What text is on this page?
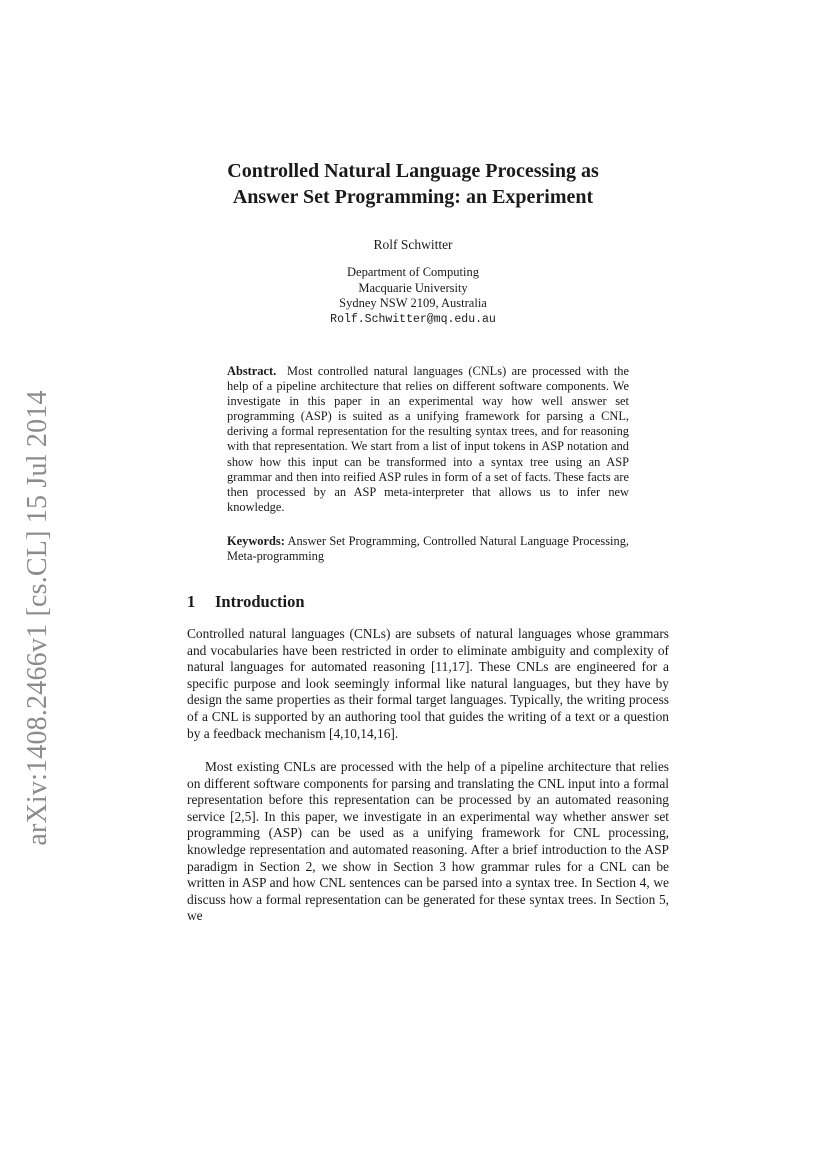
arXiv:1408.2466v1 [cs.CL] 15 Jul 2014
Controlled Natural Language Processing as
Answer Set Programming: an Experiment
Rolf Schwitter
Department of Computing
Macquarie University
Sydney NSW 2109, Australia
Rolf.Schwitter@mq.edu.au

Abstract. Most controlled natural languages (CNLs) are processed with the help of a pipeline architecture that relies on different software components. We investigate in this paper in an experimental way how well answer set programming (ASP) is suited as a unifying framework for parsing a CNL, deriving a formal representation for the resulting syntax trees, and for reasoning with that representation. We start from a list of input tokens in ASP notation and show how this input can be transformed into a syntax tree using an ASP grammar and then into reified ASP rules in form of a set of facts. These facts are then processed by an ASP meta-interpreter that allows us to infer new knowledge.

Keywords: Answer Set Programming, Controlled Natural Language Processing, Meta-programming

1 Introduction

Controlled natural languages (CNLs) are subsets of natural languages whose grammars and vocabularies have been restricted in order to eliminate ambiguity and complexity of natural languages for automated reasoning [11,17]. These CNLs are engineered for a specific purpose and look seemingly informal like natural languages, but they have by design the same properties as their formal target languages. Typically, the writing process of a CNL is supported by an authoring tool that guides the writing of a text or a question by a feedback mechanism [4,10,14,16].

Most existing CNLs are processed with the help of a pipeline architecture that relies on different software components for parsing and translating the CNL input into a formal representation before this representation can be processed by an automated reasoning service [2,5]. In this paper, we investigate in an experimental way whether answer set programming (ASP) can be used as a unifying framework for CNL processing, knowledge representation and automated reasoning. After a brief introduction to the ASP paradigm in Section 2, we show in Section 3 how grammar rules for a CNL can be written in ASP and how CNL sentences can be parsed into a syntax tree. In Section 4, we discuss how a formal representation can be generated for these syntax trees. In Section 5, we
